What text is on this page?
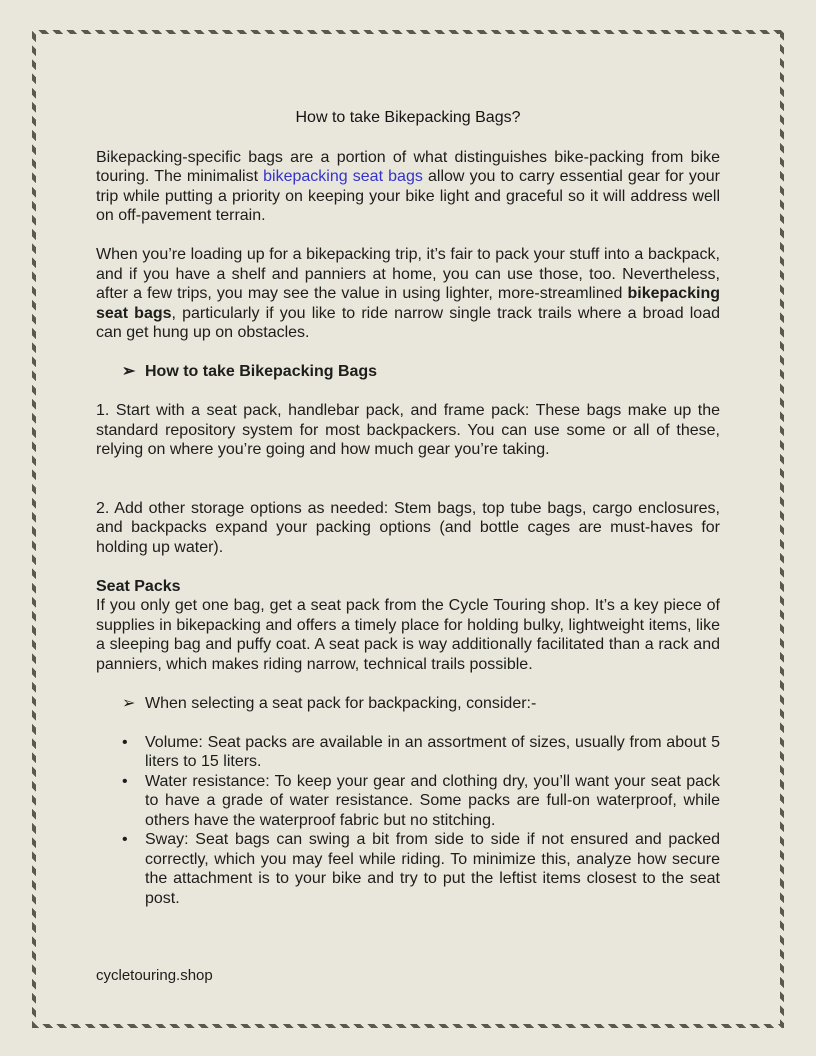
How to take Bikepacking Bags?

Bikepacking-specific bags are a portion of what distinguishes bike-packing from bike touring. The minimalist bikepacking seat bags allow you to carry essential gear for your trip while putting a priority on keeping your bike light and graceful so it will address well on off-pavement terrain.

When you’re loading up for a bikepacking trip, it’s fair to pack your stuff into a backpack, and if you have a shelf and panniers at home, you can use those, too. Nevertheless, after a few trips, you may see the value in using lighter, more-streamlined bikepacking seat bags, particularly if you like to ride narrow single track trails where a broad load can get hung up on obstacles.

➢ How to take Bikepacking Bags

1. Start with a seat pack, handlebar pack, and frame pack: These bags make up the standard repository system for most backpackers. You can use some or all of these, relying on where you’re going and how much gear you’re taking.

2. Add other storage options as needed: Stem bags, top tube bags, cargo enclosures, and backpacks expand your packing options (and bottle cages are must-haves for holding up water).

Seat Packs

If you only get one bag, get a seat pack from the Cycle Touring shop. It’s a key piece of supplies in bikepacking and offers a timely place for holding bulky, lightweight items, like a sleeping bag and puffy coat. A seat pack is way additionally facilitated than a rack and panniers, which makes riding narrow, technical trails possible.

➢ When selecting a seat pack for backpacking, consider:-
•	Volume: Seat packs are available in an assortment of sizes, usually from about 5 liters to 15 liters.
•	Water resistance: To keep your gear and clothing dry, you’ll want your seat pack to have a grade of water resistance. Some packs are full-on waterproof, while others have the waterproof fabric but no stitching.
•	Sway: Seat bags can swing a bit from side to side if not ensured and packed correctly, which you may feel while riding. To minimize this, analyze how secure the attachment is to your bike and try to put the leftist items closest to the seat post.
cycletouring.shop
